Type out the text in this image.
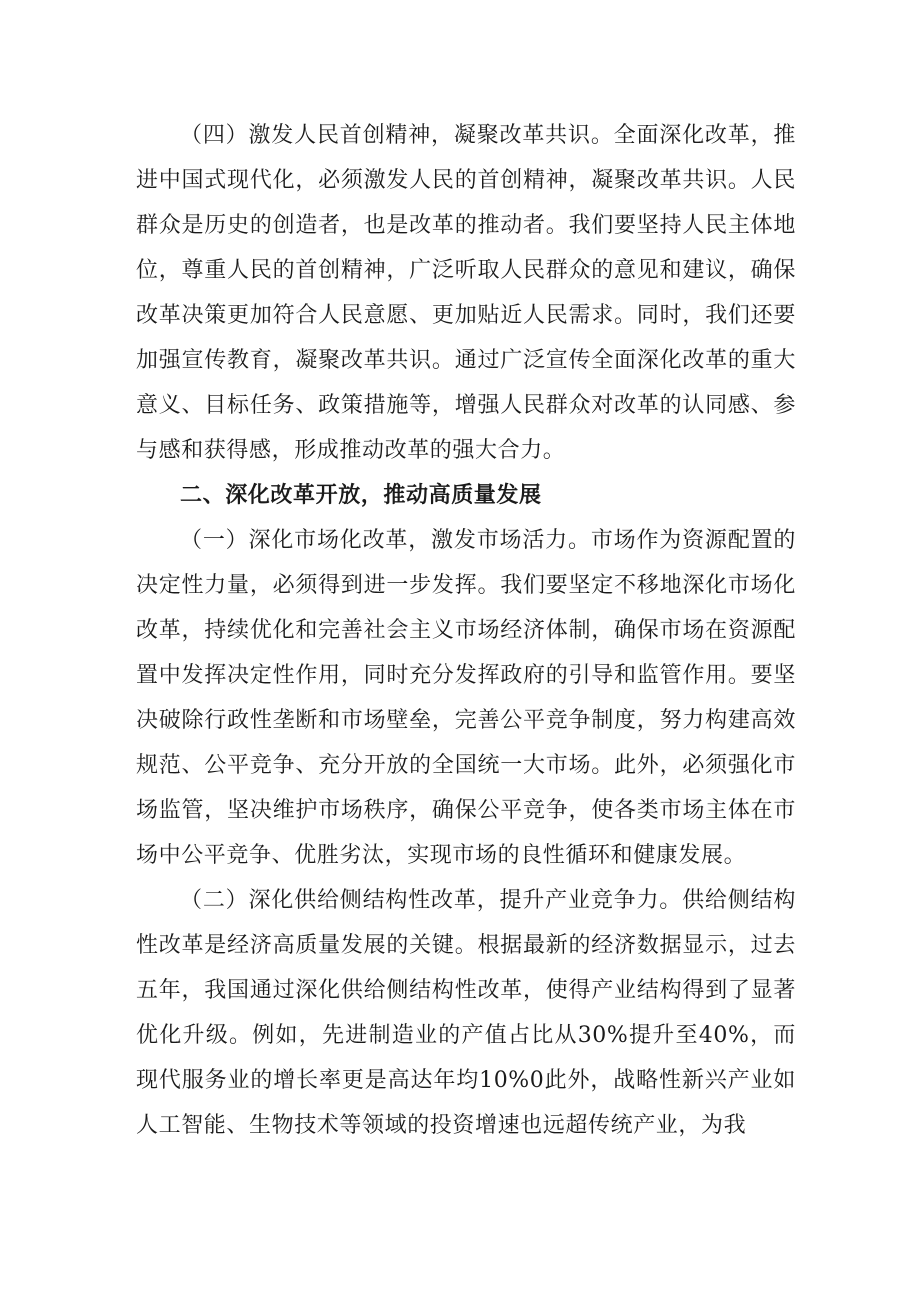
（四）激发人民首创精神，凝聚改革共识。全面深化改革，推进中国式现代化，必须激发人民的首创精神，凝聚改革共识。人民群众是历史的创造者，也是改革的推动者。我们要坚持人民主体地位，尊重人民的首创精神，广泛听取人民群众的意见和建议，确保改革决策更加符合人民意愿、更加贴近人民需求。同时，我们还要加强宣传教育，凝聚改革共识。通过广泛宣传全面深化改革的重大意义、目标任务、政策措施等，增强人民群众对改革的认同感、参与感和获得感，形成推动改革的强大合力。

二、深化改革开放，推动高质量发展

（一）深化市场化改革，激发市场活力。市场作为资源配置的决定性力量，必须得到进一步发挥。我们要坚定不移地深化市场化改革，持续优化和完善社会主义市场经济体制，确保市场在资源配置中发挥决定性作用，同时充分发挥政府的引导和监管作用。要坚决破除行政性垄断和市场壁垒，完善公平竞争制度，努力构建高效规范、公平竞争、充分开放的全国统一大市场。此外，必须强化市场监管，坚决维护市场秩序，确保公平竞争，使各类市场主体在市场中公平竞争、优胜劣汰，实现市场的良性循环和健康发展。

（二）深化供给侧结构性改革，提升产业竞争力。供给侧结构性改革是经济高质量发展的关键。根据最新的经济数据显示，过去五年，我国通过深化供给侧结构性改革，使得产业结构得到了显著优化升级。例如，先进制造业的产值占比从30%提升至40%，而现代服务业的增长率更是高达年均10%0此外，战略性新兴产业如人工智能、生物技术等领域的投资增速也远超传统产业，为我
